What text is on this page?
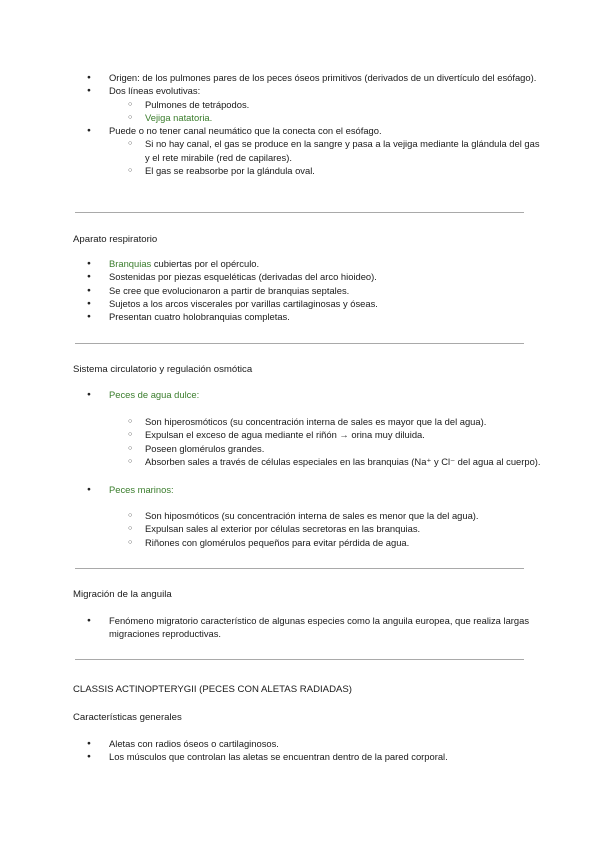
● Origen: de los pulmones pares de los peces óseos primitivos (derivados de un divertículo del esófago).
● Dos líneas evolutivas:
○ Pulmones de tetrápodos.
○ Vejiga natatoria.
● Puede o no tener canal neumático que la conecta con el esófago.
○ Si no hay canal, el gas se produce en la sangre y pasa a la vejiga mediante la glándula del gas y el rete mirabile (red de capilares).
○ El gas se reabsorbe por la glándula oval.
Aparato respiratorio
● Branquias cubiertas por el opérculo.
● Sostenidas por piezas esqueléticas (derivadas del arco hioideo).
● Se cree que evolucionaron a partir de branquias septales.
● Sujetos a los arcos viscerales por varillas cartilaginosas y óseas.
● Presentan cuatro holobranquias completas.
Sistema circulatorio y regulación osmótica
● Peces de agua dulce:
○ Son hiperosmóticos (su concentración interna de sales es mayor que la del agua).
○ Expulsan el exceso de agua mediante el riñón → orina muy diluida.
○ Poseen glomérulos grandes.
○ Absorben sales a través de células especiales en las branquias (Na⁺ y Cl⁻ del agua al cuerpo).
● Peces marinos:
○ Son hiposmóticos (su concentración interna de sales es menor que la del agua).
○ Expulsan sales al exterior por células secretoras en las branquias.
○ Riñones con glomérulos pequeños para evitar pérdida de agua.
Migración de la anguila
● Fenómeno migratorio característico de algunas especies como la anguila europea, que realiza largas migraciones reproductivas.
CLASSIS ACTINOPTERYGII (PECES CON ALETAS RADIADAS)
Características generales
● Aletas con radios óseos o cartilaginosos.
● Los músculos que controlan las aletas se encuentran dentro de la pared corporal.
